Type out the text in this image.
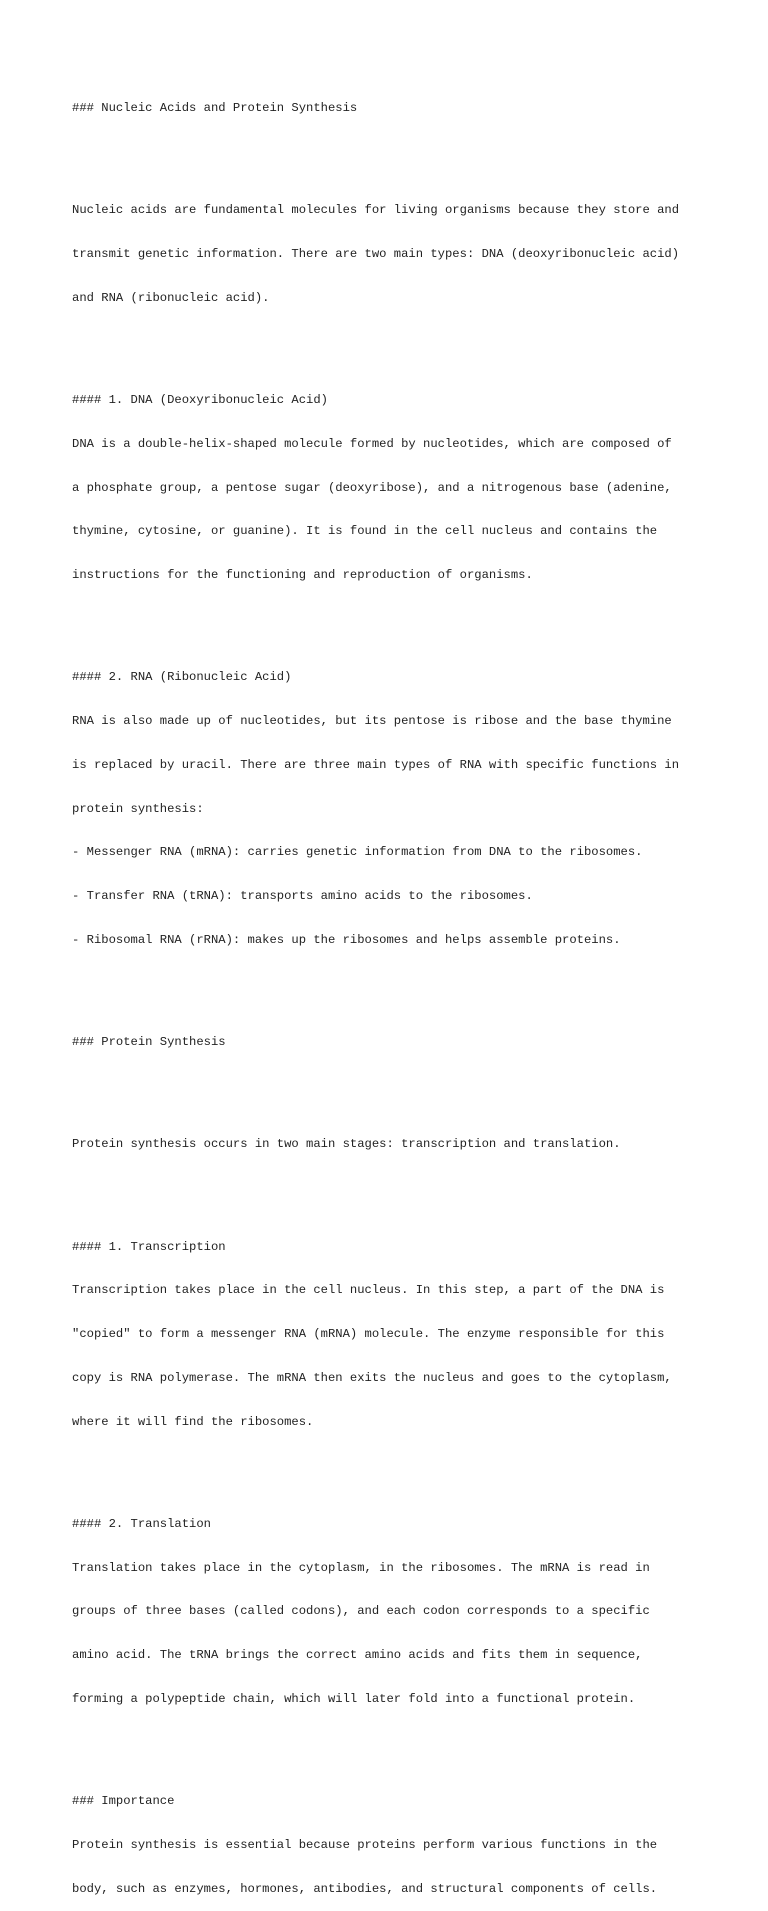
### Nucleic Acids and Protein Synthesis

Nucleic acids are fundamental molecules for living organisms because they store and

transmit genetic information. There are two main types: DNA (deoxyribonucleic acid)

and RNA (ribonucleic acid).

#### 1. DNA (Deoxyribonucleic Acid)

DNA is a double-helix-shaped molecule formed by nucleotides, which are composed of

a phosphate group, a pentose sugar (deoxyribose), and a nitrogenous base (adenine,

thymine, cytosine, or guanine). It is found in the cell nucleus and contains the

instructions for the functioning and reproduction of organisms.

#### 2. RNA (Ribonucleic Acid)

RNA is also made up of nucleotides, but its pentose is ribose and the base thymine

is replaced by uracil. There are three main types of RNA with specific functions in

protein synthesis:

- Messenger RNA (mRNA): carries genetic information from DNA to the ribosomes.

- Transfer RNA (tRNA): transports amino acids to the ribosomes.

- Ribosomal RNA (rRNA): makes up the ribosomes and helps assemble proteins.

### Protein Synthesis

Protein synthesis occurs in two main stages: transcription and translation.

#### 1. Transcription

Transcription takes place in the cell nucleus. In this step, a part of the DNA is

"copied" to form a messenger RNA (mRNA) molecule. The enzyme responsible for this

copy is RNA polymerase. The mRNA then exits the nucleus and goes to the cytoplasm,

where it will find the ribosomes.

#### 2. Translation

Translation takes place in the cytoplasm, in the ribosomes. The mRNA is read in

groups of three bases (called codons), and each codon corresponds to a specific

amino acid. The tRNA brings the correct amino acids and fits them in sequence,

forming a polypeptide chain, which will later fold into a functional protein.

### Importance

Protein synthesis is essential because proteins perform various functions in the

body, such as enzymes, hormones, antibodies, and structural components of cells.
